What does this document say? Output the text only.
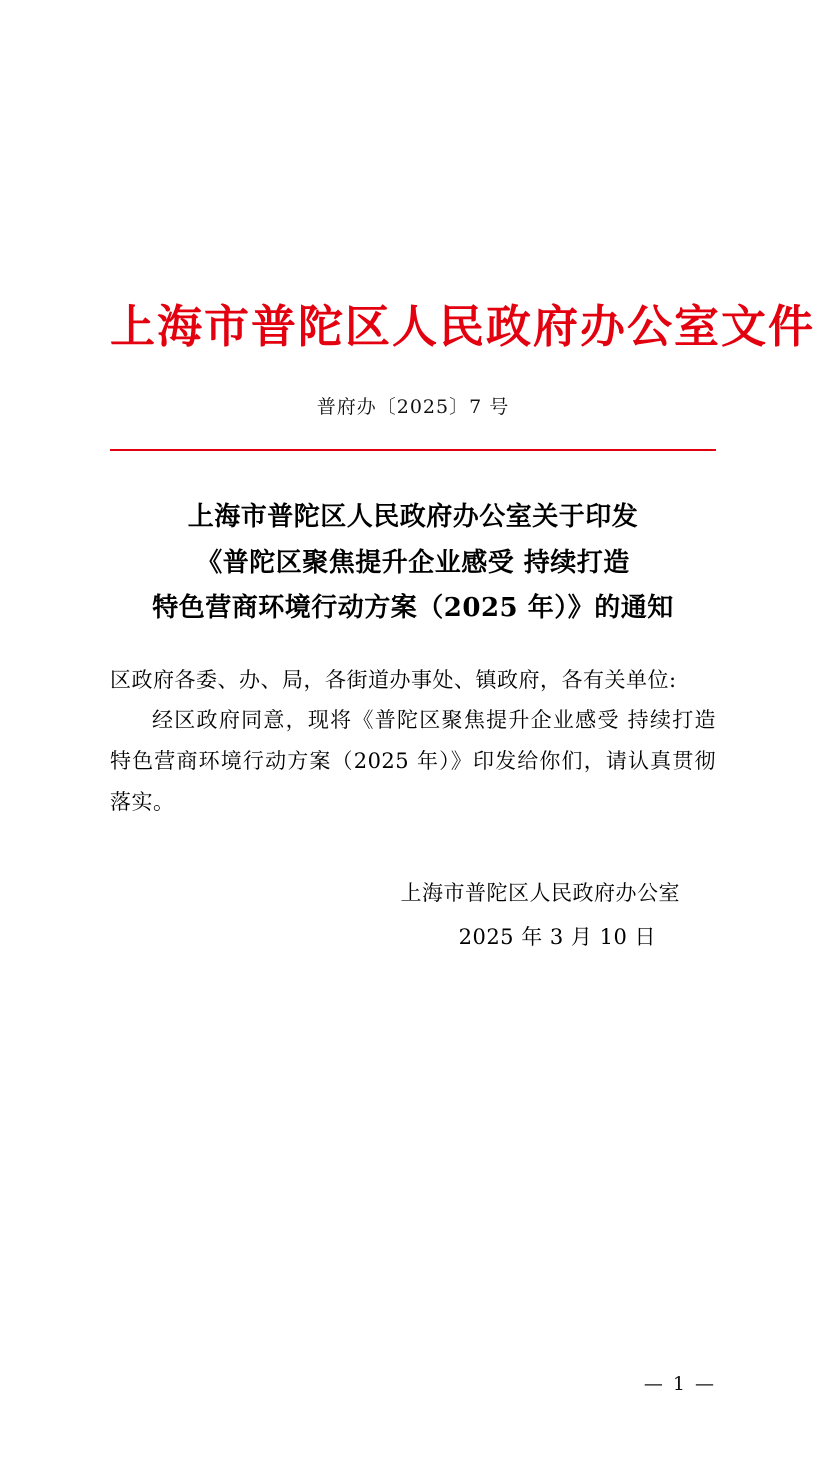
上海市普陀区人民政府办公室文件
普府办〔2025〕7 号
上海市普陀区人民政府办公室关于印发
《普陀区聚焦提升企业感受 持续打造
特色营商环境行动方案（2025 年）》的通知

区政府各委、办、局，各街道办事处、镇政府，各有关单位:

经区政府同意，现将《普陀区聚焦提升企业感受 持续打造特色营商环境行动方案（2025 年）》印发给你们，请认真贯彻落实。

上海市普陀区人民政府办公室
2025 年 3 月 10 日
— 1 —
